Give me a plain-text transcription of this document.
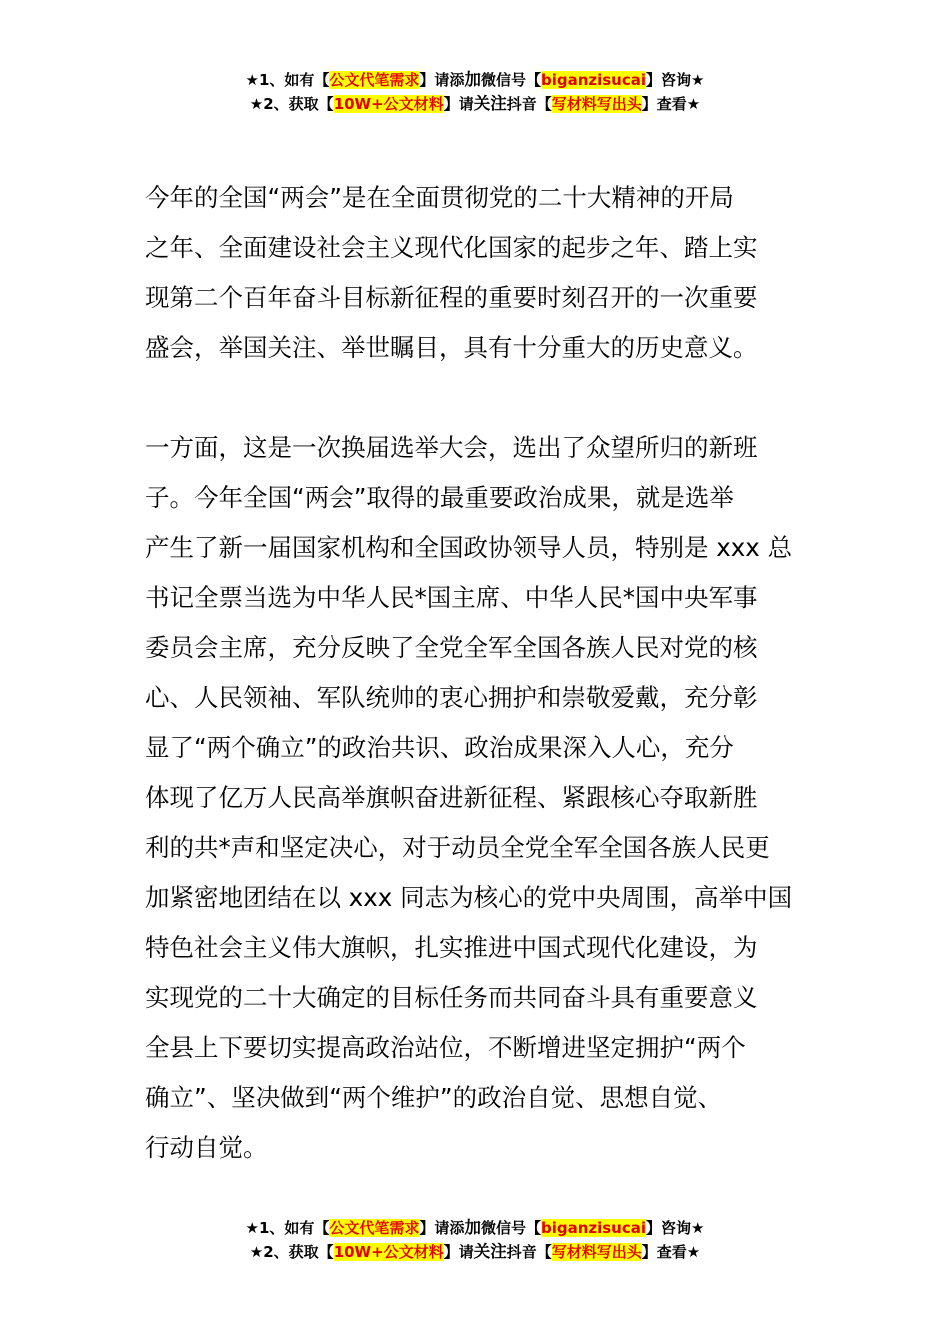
★1、如有【公文代笔需求】请添加微信号【biganzisucai】咨询★
★2、获取【10W+公文材料】请关注抖音【写材料写出头】查看★
今年的全国“两会”是在全面贯彻党的二十大精神的开局
之年、全面建设社会主义现代化国家的起步之年、踏上实
现第二个百年奋斗目标新征程的重要时刻召开的一次重要
盛会，举国关注、举世瞩目，具有十分重大的历史意义。
一方面，这是一次换届选举大会，选出了众望所归的新班
子。今年全国“两会”取得的最重要政治成果，就是选举
产生了新一届国家机构和全国政协领导人员，特别是 xxx 总
书记全票当选为中华人民*国主席、中华人民*国中央军事
委员会主席，充分反映了全党全军全国各族人民对党的核
心、人民领袖、军队统帅的衷心拥护和崇敬爱戴，充分彰
显了“两个确立”的政治共识、政治成果深入人心，充分
体现了亿万人民高举旗帜奋进新征程、紧跟核心夺取新胜
利的共*声和坚定决心，对于动员全党全军全国各族人民更
加紧密地团结在以 xxx 同志为核心的党中央周围，高举中国
特色社会主义伟大旗帜，扎实推进中国式现代化建设，为
实现党的二十大确定的目标任务而共同奋斗具有重要意义
全县上下要切实提高政治站位，不断增进坚定拥护“两个
确立”、坚决做到“两个维护”的政治自觉、思想自觉、
行动自觉。
★1、如有【公文代笔需求】请添加微信号【biganzisucai】咨询★
★2、获取【10W+公文材料】请关注抖音【写材料写出头】查看★
